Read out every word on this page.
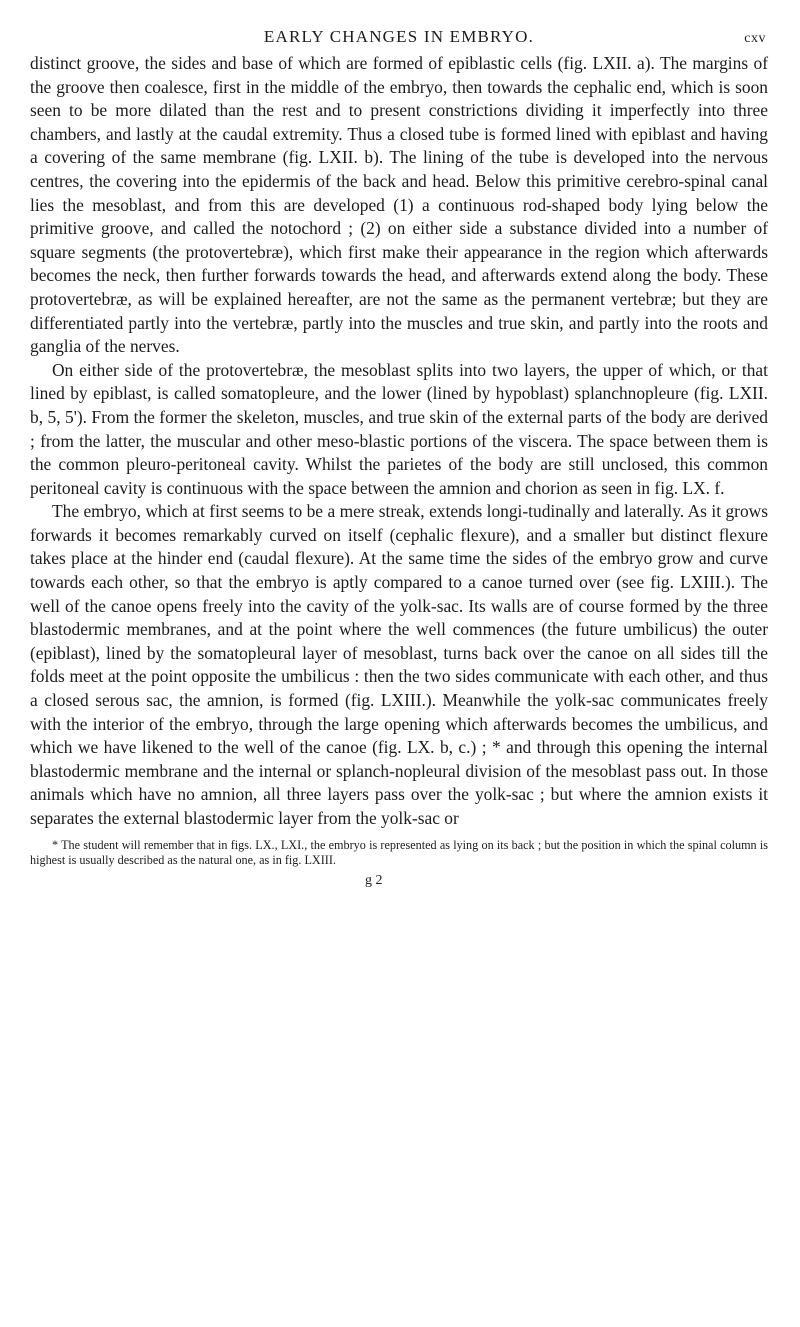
EARLY CHANGES IN EMBRYO.	cxv

distinct groove, the sides and base of which are formed of epiblastic cells (fig. LXII. a). The margins of the groove then coalesce, first in the middle of the embryo, then towards the cephalic end, which is soon seen to be more dilated than the rest and to present constrictions dividing it imperfectly into three chambers, and lastly at the caudal extremity. Thus a closed tube is formed lined with epiblast and having a covering of the same membrane (fig. LXII. b). The lining of the tube is developed into the nervous centres, the covering into the epidermis of the back and head. Below this primitive cerebro-spinal canal lies the mesoblast, and from this are developed (1) a continuous rod-shaped body lying below the primitive groove, and called the notochord ; (2) on either side a substance divided into a number of square segments (the protovertebræ), which first make their appearance in the region which afterwards becomes the neck, then further forwards towards the head, and afterwards extend along the body. These protovertebræ, as will be explained hereafter, are not the same as the permanent vertebræ; but they are differentiated partly into the vertebræ, partly into the muscles and true skin, and partly into the roots and ganglia of the nerves.

On either side of the protovertebræ, the mesoblast splits into two layers, the upper of which, or that lined by epiblast, is called somatopleure, and the lower (lined by hypoblast) splanchnopleure (fig. LXII. b, 5, 5'). From the former the skeleton, muscles, and true skin of the external parts of the body are derived ; from the latter, the muscular and other meso-blastic portions of the viscera. The space between them is the common pleuro-peritoneal cavity. Whilst the parietes of the body are still unclosed, this common peritoneal cavity is continuous with the space between the amnion and chorion as seen in fig. LX. f.

The embryo, which at first seems to be a mere streak, extends longi-tudinally and laterally. As it grows forwards it becomes remarkably curved on itself (cephalic flexure), and a smaller but distinct flexure takes place at the hinder end (caudal flexure). At the same time the sides of the embryo grow and curve towards each other, so that the embryo is aptly compared to a canoe turned over (see fig. LXIII.). The well of the canoe opens freely into the cavity of the yolk-sac. Its walls are of course formed by the three blastodermic membranes, and at the point where the well commences (the future umbilicus) the outer (epiblast), lined by the somatopleural layer of mesoblast, turns back over the canoe on all sides till the folds meet at the point opposite the umbilicus : then the two sides communicate with each other, and thus a closed serous sac, the amnion, is formed (fig. LXIII.). Meanwhile the yolk-sac communicates freely with the interior of the embryo, through the large opening which afterwards becomes the umbilicus, and which we have likened to the well of the canoe (fig. LX. b, c.) ; * and through this opening the internal blastodermic membrane and the internal or splanch-nopleural division of the mesoblast pass out. In those animals which have no amnion, all three layers pass over the yolk-sac ; but where the amnion exists it separates the external blastodermic layer from the yolk-sac or

* The student will remember that in figs. LX., LXI., the embryo is represented as lying on its back ; but the position in which the spinal column is highest is usually described as the natural one, as in fig. LXIII.
g 2
